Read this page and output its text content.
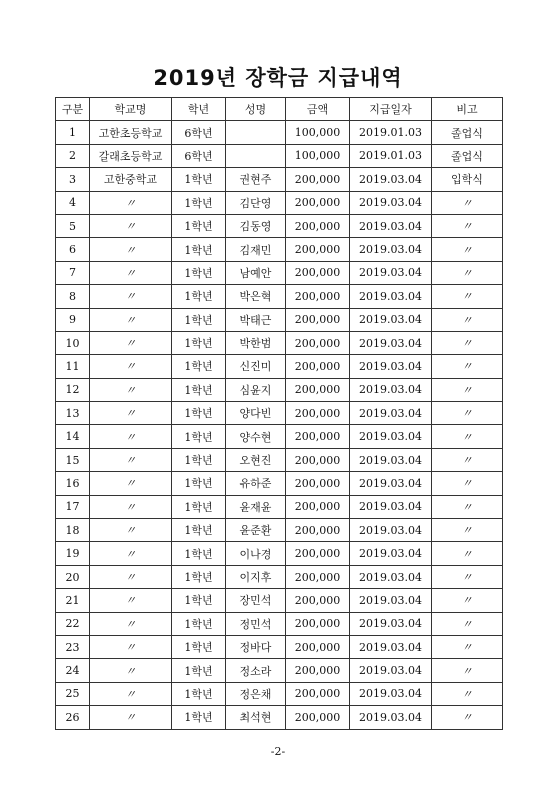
2019년 장학금 지급내역
구분	학교명	학년	성명	금액	지급일자	비고
1	고한초등학교	6학년		100,000	2019.01.03	졸업식
2	갈래초등학교	6학년		100,000	2019.01.03	졸업식
3	고한중학교	1학년	권현주	200,000	2019.03.04	입학식
4	〃	1학년	김단영	200,000	2019.03.04	〃
5	〃	1학년	김동영	200,000	2019.03.04	〃
6	〃	1학년	김재민	200,000	2019.03.04	〃
7	〃	1학년	남예안	200,000	2019.03.04	〃
8	〃	1학년	박은혁	200,000	2019.03.04	〃
9	〃	1학년	박태근	200,000	2019.03.04	〃
10	〃	1학년	박한범	200,000	2019.03.04	〃
11	〃	1학년	신진미	200,000	2019.03.04	〃
12	〃	1학년	심윤지	200,000	2019.03.04	〃
13	〃	1학년	양다빈	200,000	2019.03.04	〃
14	〃	1학년	양수현	200,000	2019.03.04	〃
15	〃	1학년	오현진	200,000	2019.03.04	〃
16	〃	1학년	유하준	200,000	2019.03.04	〃
17	〃	1학년	윤재윤	200,000	2019.03.04	〃
18	〃	1학년	윤준환	200,000	2019.03.04	〃
19	〃	1학년	이나경	200,000	2019.03.04	〃
20	〃	1학년	이지후	200,000	2019.03.04	〃
21	〃	1학년	장민석	200,000	2019.03.04	〃
22	〃	1학년	정민석	200,000	2019.03.04	〃
23	〃	1학년	정바다	200,000	2019.03.04	〃
24	〃	1학년	정소라	200,000	2019.03.04	〃
25	〃	1학년	정은채	200,000	2019.03.04	〃
26	〃	1학년	최석현	200,000	2019.03.04	〃
-2-
